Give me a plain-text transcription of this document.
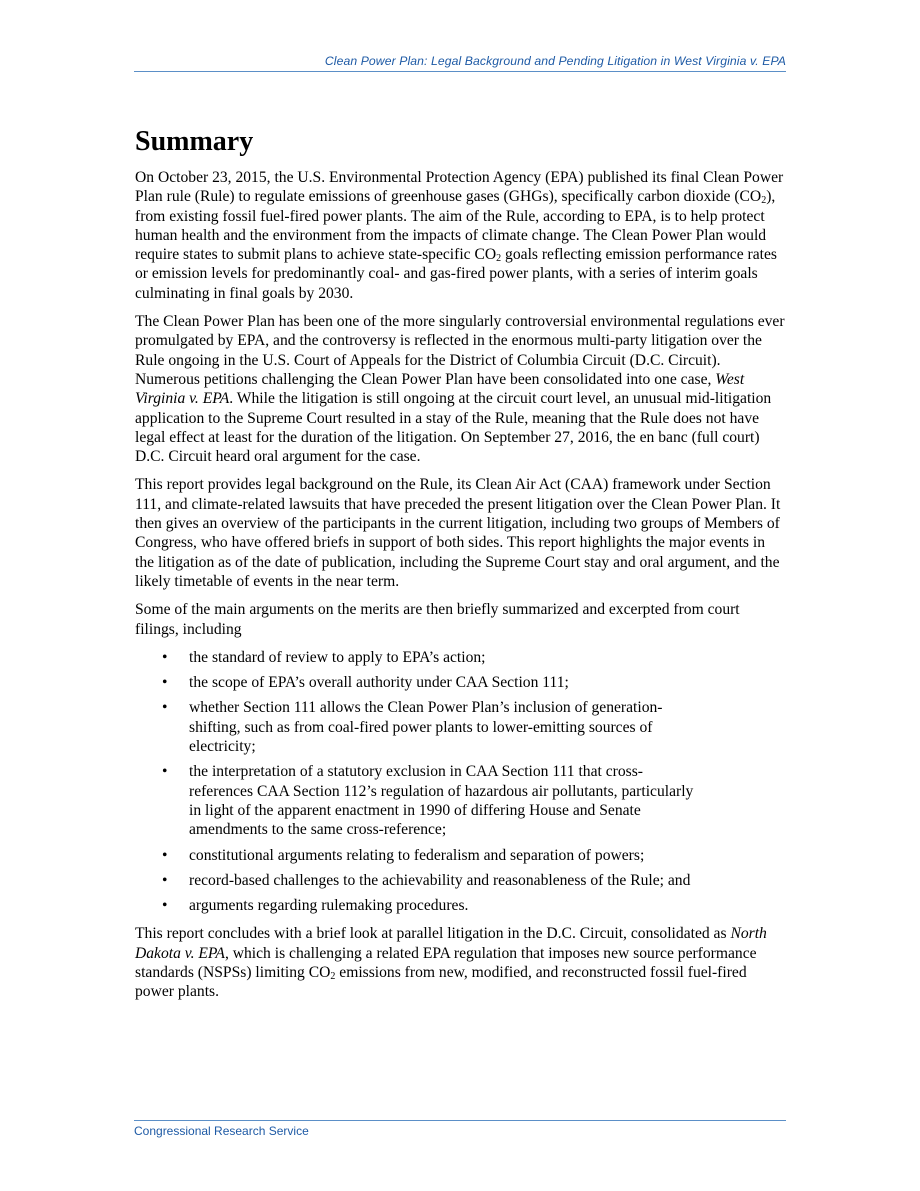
Clean Power Plan: Legal Background and Pending Litigation in West Virginia v. EPA
Summary

On October 23, 2015, the U.S. Environmental Protection Agency (EPA) published its final Clean Power Plan rule (Rule) to regulate emissions of greenhouse gases (GHGs), specifically carbon dioxide $(CO_2)$, from existing fossil fuel-fired power plants. The aim of the Rule, according to EPA, is to help protect human health and the environment from the impacts of climate change. The Clean Power Plan would require states to submit plans to achieve state-specific $CO_2$ goals reflecting emission performance rates or emission levels for predominantly coal- and gas-fired power plants, with a series of interim goals culminating in final goals by 2030.

The Clean Power Plan has been one of the more singularly controversial environmental regulations ever promulgated by EPA, and the controversy is reflected in the enormous multi-party litigation over the Rule ongoing in the U.S. Court of Appeals for the District of Columbia Circuit (D.C. Circuit). Numerous petitions challenging the Clean Power Plan have been consolidated into one case, West Virginia v. EPA. While the litigation is still ongoing at the circuit court level, an unusual mid-litigation application to the Supreme Court resulted in a stay of the Rule, meaning that the Rule does not have legal effect at least for the duration of the litigation. On September 27, 2016, the en banc (full court) D.C. Circuit heard oral argument for the case.

This report provides legal background on the Rule, its Clean Air Act (CAA) framework under Section 111, and climate-related lawsuits that have preceded the present litigation over the Clean Power Plan. It then gives an overview of the participants in the current litigation, including two groups of Members of Congress, who have offered briefs in support of both sides. This report highlights the major events in the litigation as of the date of publication, including the Supreme Court stay and oral argument, and the likely timetable of events in the near term.

Some of the main arguments on the merits are then briefly summarized and excerpted from court filings, including

• the standard of review to apply to EPA’s action;
• the scope of EPA’s overall authority under CAA Section 111;
• whether Section 111 allows the Clean Power Plan’s inclusion of generation-shifting, such as from coal-fired power plants to lower-emitting sources of electricity;
• the interpretation of a statutory exclusion in CAA Section 111 that cross-references CAA Section 112’s regulation of hazardous air pollutants, particularly in light of the apparent enactment in 1990 of differing House and Senate amendments to the same cross-reference;
• constitutional arguments relating to federalism and separation of powers;
• record-based challenges to the achievability and reasonableness of the Rule; and
• arguments regarding rulemaking procedures.

This report concludes with a brief look at parallel litigation in the D.C. Circuit, consolidated as North Dakota v. EPA, which is challenging a related EPA regulation that imposes new source performance standards (NSPSs) limiting $CO_2$ emissions from new, modified, and reconstructed fossil fuel-fired power plants.

Congressional Research Service
